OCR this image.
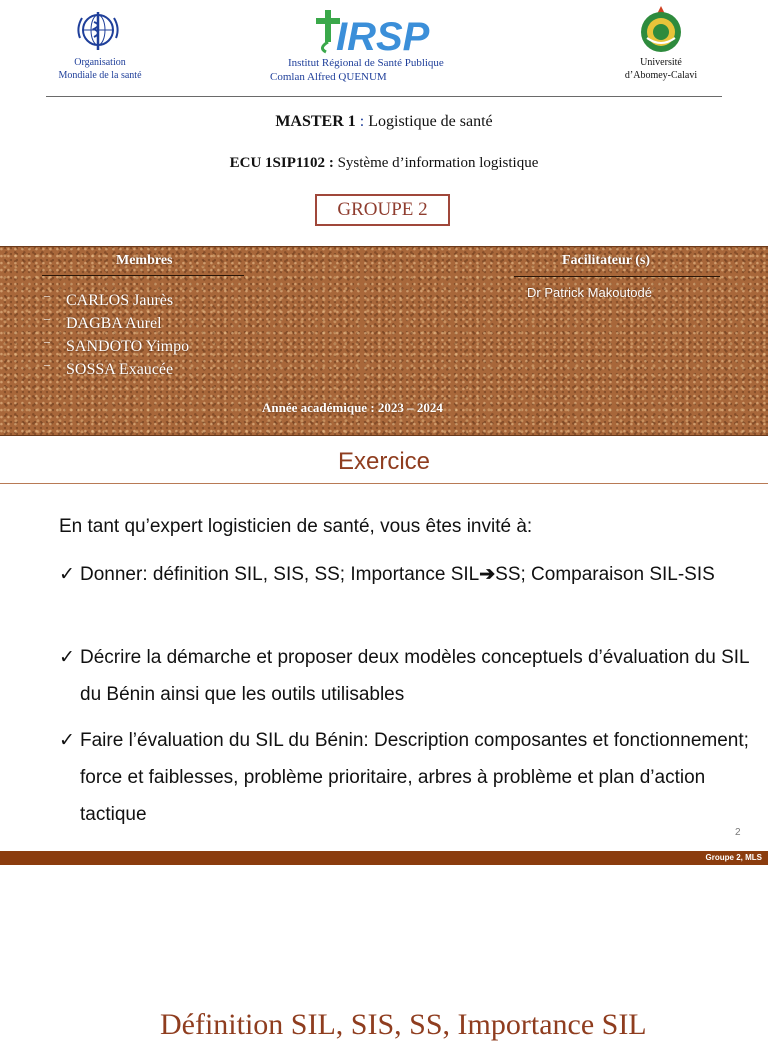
Organisation
Mondiale de la santé
IRSP
Institut Régional de Santé Publique
Comlan Alfred QUENUM
Université
d’Abomey-Calavi
MASTER 1 : Logistique de santé
ECU 1SIP1102 : Système d’information logistique
GROUPE 2
Membres	Facilitateur (s)
– CARLOS Jaurès
– DAGBA Aurel
– SANDOTO Yimpo
– SOSSA Exaucée
Dr Patrick Makoutodé
Année académique : 2023 – 2024
Exercice
En tant qu’expert logisticien de santé, vous êtes invité à:
✓ Donner: définition SIL, SIS, SS; Importance SIL➔SS; Comparaison SIL-SIS
✓ Décrire la démarche et proposer deux modèles conceptuels d’évaluation du SIL du Bénin ainsi que les outils utilisables
✓ Faire l’évaluation du SIL du Bénin: Description composantes et fonctionnement; force et faiblesses, problème prioritaire, arbres à problème et plan d’action tactique
2
Groupe 2, MLS
Définition SIL, SIS, SS, Importance SIL
